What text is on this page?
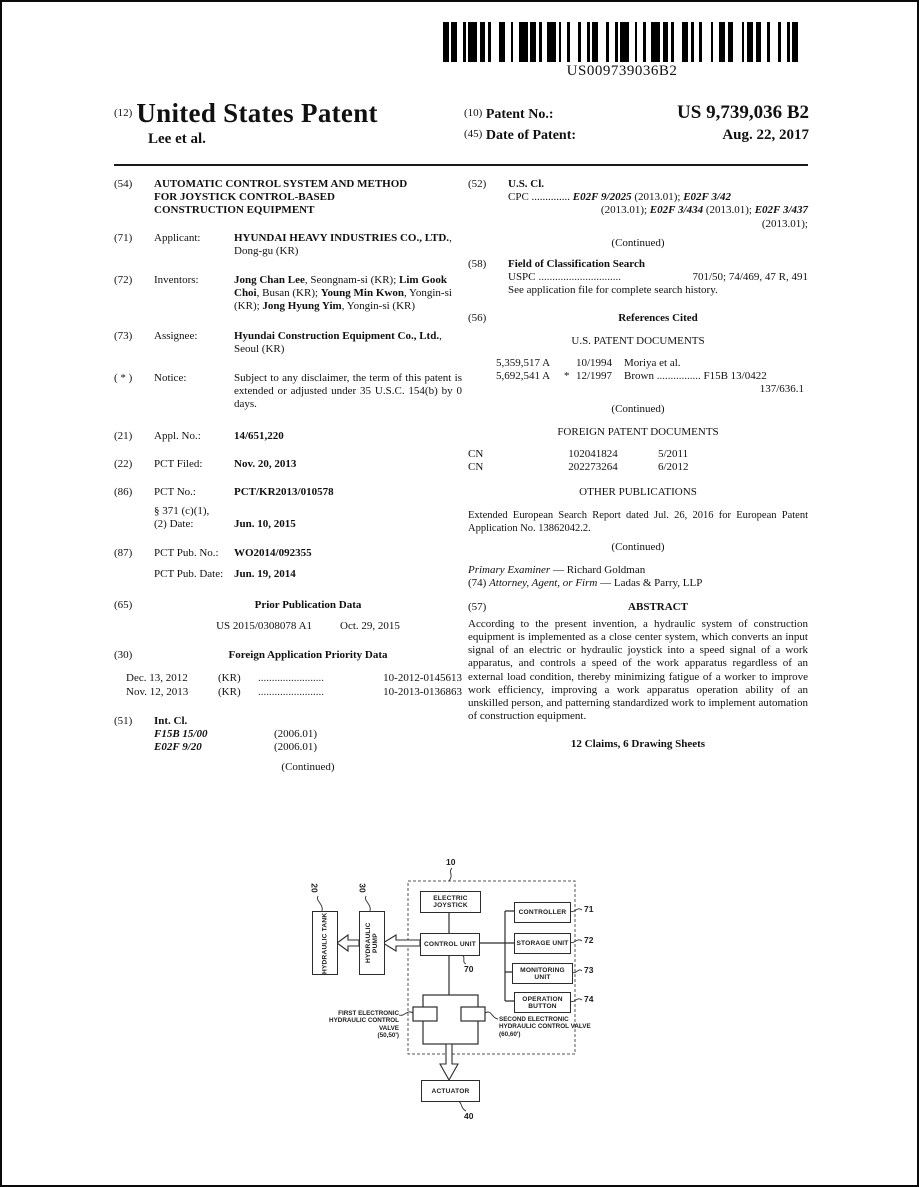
US009739036B2
$^{(12)}$ United States Patent
Lee et al.
(10) Patent No.:	US 9,739,036 B2
(45) Date of Patent:	Aug. 22, 2017
(54)	AUTOMATIC CONTROL SYSTEM AND METHOD FOR JOYSTICK CONTROL-BASED CONSTRUCTION EQUIPMENT
(71)	Applicant:	HYUNDAI HEAVY INDUSTRIES CO., LTD., Dong-gu (KR)
(72)	Inventors:	Jong Chan Lee, Seongnam-si (KR); Lim Gook Choi, Busan (KR); Young Min Kwon, Yongin-si (KR); Jong Hyung Yim, Yongin-si (KR)
(73)	Assignee:	Hyundai Construction Equipment Co., Ltd., Seoul (KR)
( * )	Notice:	Subject to any disclaimer, the term of this patent is extended or adjusted under 35 U.S.C. 154(b) by 0 days.
(21)	Appl. No.:	14/651,220
(22)	PCT Filed:	Nov. 20, 2013
(86)	PCT No.:	PCT/KR2013/010578
§ 371 (c)(1),
(2) Date:	Jun. 10, 2015
(87)	PCT Pub. No.:	WO2014/092355
PCT Pub. Date: Jun. 19, 2014
(65)	Prior Publication Data
US 2015/0308078 A1	Oct. 29, 2015
(30)	Foreign Application Priority Data
Dec. 13, 2012	(KR)	........................	10-2012-0145613
Nov. 12, 2013	(KR)	........................	10-2013-0136863
(51)	Int. Cl.
F15B 15/00	(2006.01)
E02F 9/20	(2006.01)
(Continued)
(52)	U.S. Cl.
CPC .............. E02F 9/2025 (2013.01); E02F 3/42
(2013.01); E02F 3/434 (2013.01); E02F 3/437
(2013.01);
(Continued)
(58)	Field of Classification Search
USPC ..............................	701/50; 74/469, 47 R, 491
See application file for complete search history.
(56)	References Cited
U.S. PATENT DOCUMENTS
5,359,517 A	10/1994	Moriya et al.
5,692,541 A	* 12/1997	Brown ................ F15B 13/0422
137/636.1
(Continued)
FOREIGN PATENT DOCUMENTS
CN	102041824	5/2011
CN	202273264	6/2012
OTHER PUBLICATIONS
Extended European Search Report dated Jul. 26, 2016 for European Patent Application No. 13862042.2.
(Continued)
Primary Examiner — Richard Goldman
(74) Attorney, Agent, or Firm — Ladas & Parry, LLP
(57)	ABSTRACT
According to the present invention, a hydraulic system of construction equipment is implemented as a close center system, which converts an input signal of an electric or hydraulic joystick into a speed signal of a work apparatus, and controls a speed of the work apparatus regardless of an external load condition, thereby minimizing fatigue of a worker to improve work efficiency, improving a work apparatus operation ability of an unskilled person, and patterning standardized work to implement automation of construction equipment.
12 Claims, 6 Drawing Sheets
ELECTRIC JOYSTICK
CONTROL UNIT
CONTROLLER
STORAGE UNIT
MONITORING UNIT
OPERATION BUTTON
ACTUATOR
HYDRAULIC TANK	HYDRAULIC PUMP
10
20	30
70
71
72
73
74
40
FIRST ELECTRONIC
HYDRAULIC CONTROL VALVE
(50,50')
SECOND ELECTRONIC
HYDRAULIC CONTROL VALVE
(60,60')
